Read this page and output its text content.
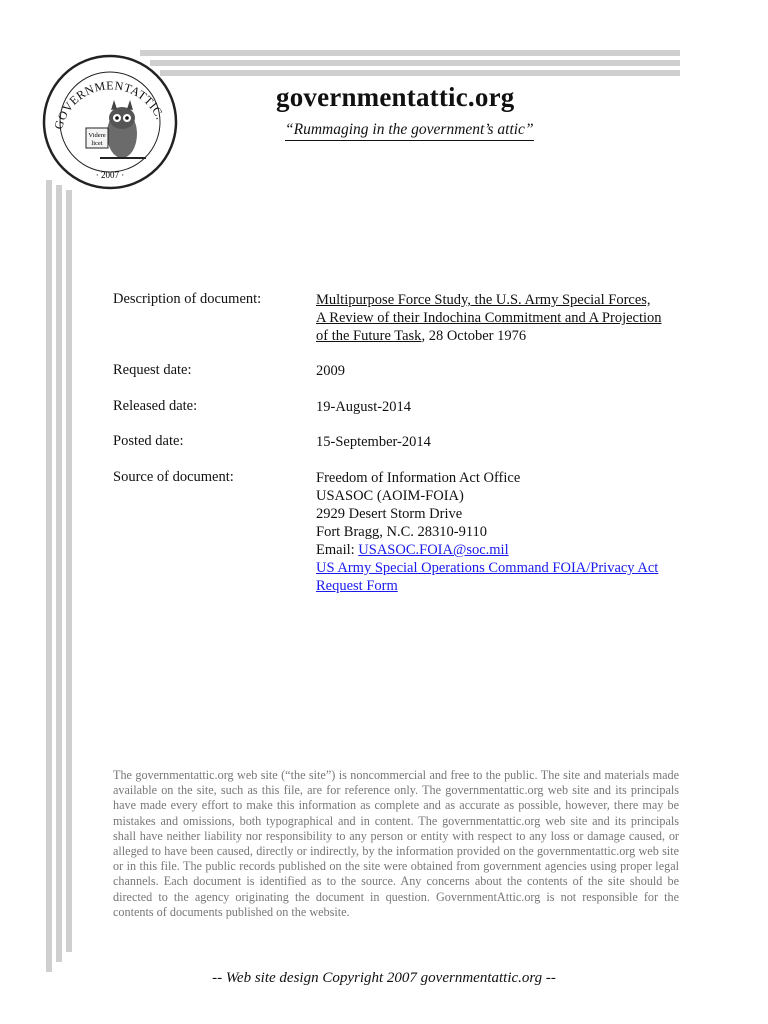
GOVERNMENTATTIC.
Videre
licet
· 2007 ·
governmentattic.org
“Rummaging in the government’s attic”
Description of document:	Multipurpose Force Study, the U.S. Army Special Forces,
A Review of their Indochina Commitment and A Projection
of the Future Task, 28 October 1976
Request date:	2009
Released date:	19-August-2014
Posted date:	15-September-2014
Source of document:	Freedom of Information Act Office
USASOC (AOIM-FOIA)
2929 Desert Storm Drive
Fort Bragg, N.C. 28310-9110
Email: USASOC.FOIA@soc.mil
US Army Special Operations Command FOIA/Privacy Act
Request Form
The governmentattic.org web site (“the site”) is noncommercial and free to the public. The site and materials made available on the site, such as this file, are for reference only. The governmentattic.org web site and its principals have made every effort to make this information as complete and as accurate as possible, however, there may be mistakes and omissions, both typographical and in content. The governmentattic.org web site and its principals shall have neither liability nor responsibility to any person or entity with respect to any loss or damage caused, or alleged to have been caused, directly or indirectly, by the information provided on the governmentattic.org web site or in this file. The public records published on the site were obtained from government agencies using proper legal channels. Each document is identified as to the source. Any concerns about the contents of the site should be directed to the agency originating the document in question. GovernmentAttic.org is not responsible for the contents of documents published on the website.
-- Web site design Copyright 2007 governmentattic.org --
